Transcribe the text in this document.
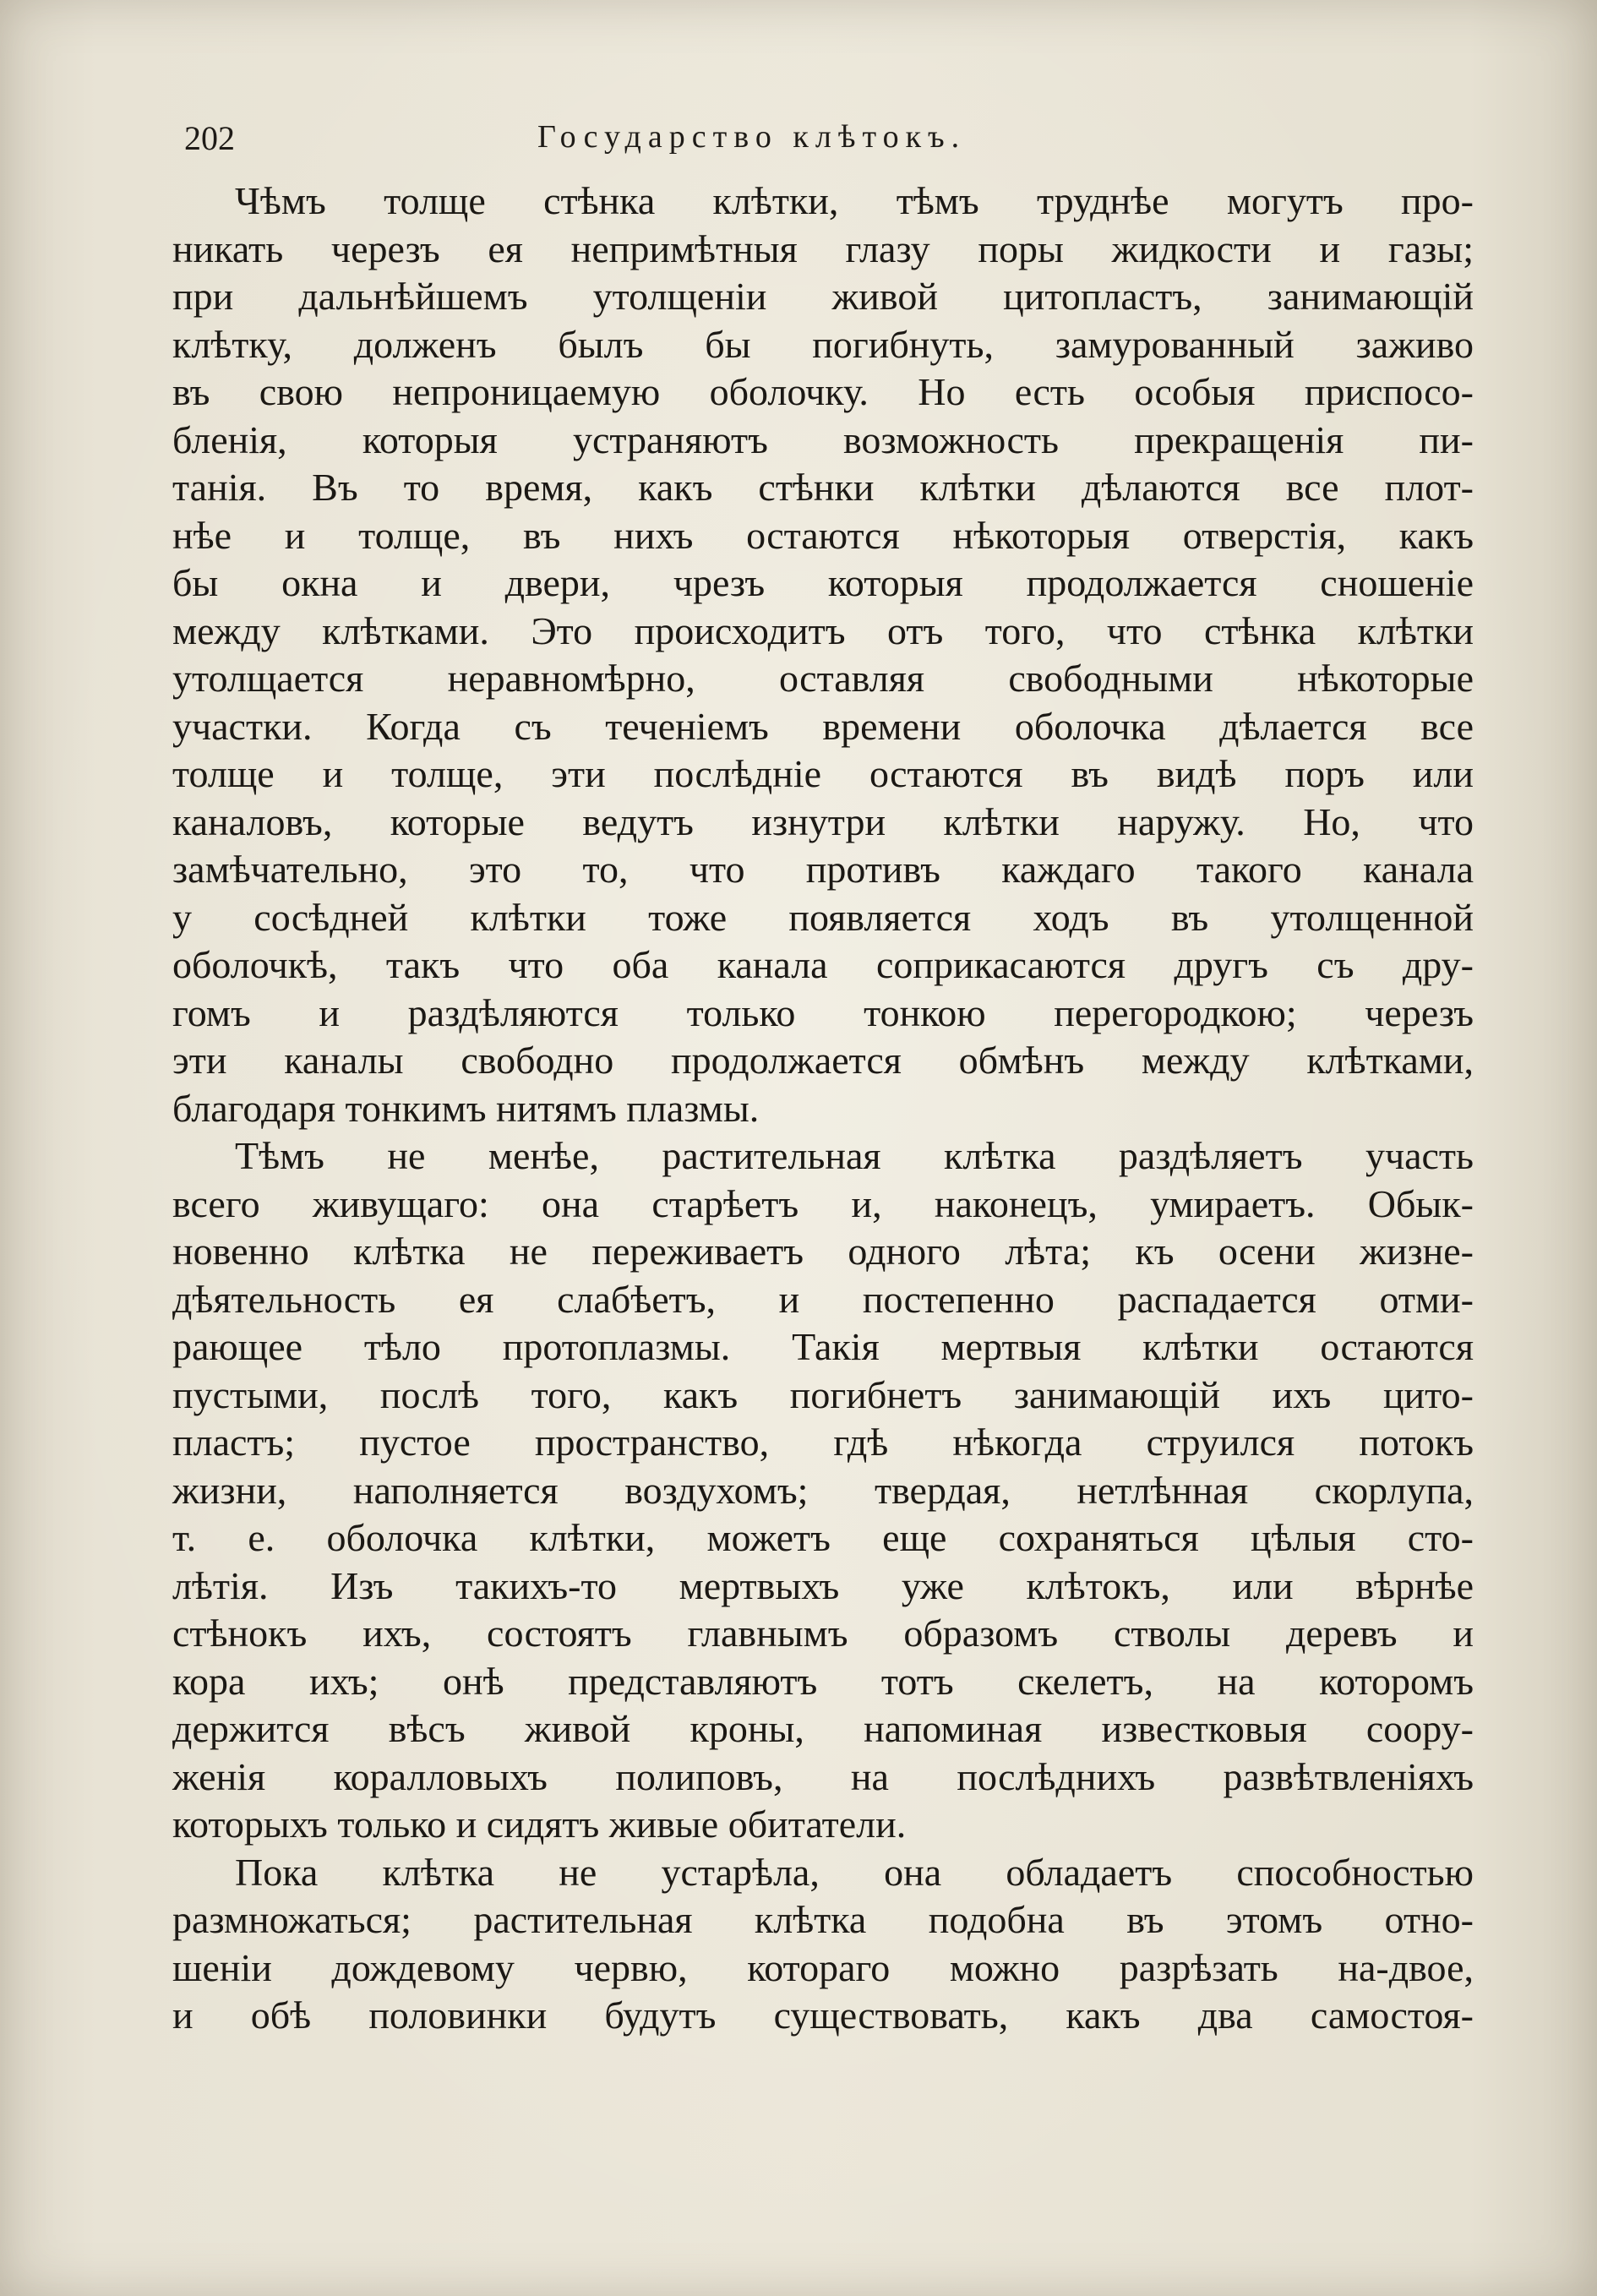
202	Государство клѣтокъ.
Чѣмъ толще стѣнка клѣтки, тѣмъ труднѣе могутъ про-
никать черезъ ея непримѣтныя глазу поры жидкости и газы;
при дальнѣйшемъ утолщеніи живой цитопластъ, занимающій
клѣтку, долженъ былъ бы погибнуть, замурованный заживо
въ свою непроницаемую оболочку. Но есть особыя приспосо-
бленія, которыя устраняютъ возможность прекращенія пи-
танія. Въ то время, какъ стѣнки клѣтки дѣлаются все плот-
нѣе и толще, въ нихъ остаются нѣкоторыя отверстія, какъ
бы окна и двери, чрезъ которыя продолжается сношеніе
между клѣтками. Это происходитъ отъ того, что стѣнка клѣтки
утолщается неравномѣрно, оставляя свободными нѣкоторые
участки. Когда съ теченіемъ времени оболочка дѣлается все
толще и толще, эти послѣдніе остаются въ видѣ поръ или
каналовъ, которые ведутъ изнутри клѣтки наружу. Но, что
замѣчательно, это то, что противъ каждаго такого канала
у сосѣдней клѣтки тоже появляется ходъ въ утолщенной
оболочкѣ, такъ что оба канала соприкасаются другъ съ дру-
гомъ и раздѣляются только тонкою перегородкою; черезъ
эти каналы свободно продолжается обмѣнъ между клѣтками,
благодаря тонкимъ нитямъ плазмы.
Тѣмъ не менѣе, растительная клѣтка раздѣляетъ участь
всего живущаго: она старѣетъ и, наконецъ, умираетъ. Обык-
новенно клѣтка не переживаетъ одного лѣта; къ осени жизне-
дѣятельность ея слабѣетъ, и постепенно распадается отми-
рающее тѣло протоплазмы. Такія мертвыя клѣтки остаются
пустыми, послѣ того, какъ погибнетъ занимающій ихъ цито-
пластъ; пустое пространство, гдѣ нѣкогда струился потокъ
жизни, наполняется воздухомъ; твердая, нетлѣнная скорлупа,
т. е. оболочка клѣтки, можетъ еще сохраняться цѣлыя сто-
лѣтія. Изъ такихъ-то мертвыхъ уже клѣтокъ, или вѣрнѣе
стѣнокъ ихъ, состоятъ главнымъ образомъ стволы деревъ и
кора ихъ; онѣ представляютъ тотъ скелетъ, на которомъ
держится вѣсъ живой кроны, напоминая известковыя соору-
женія коралловыхъ полиповъ, на послѣднихъ развѣтвленіяхъ
которыхъ только и сидятъ живые обитатели.
Пока клѣтка не устарѣла, она обладаетъ способностью
размножаться; растительная клѣтка подобна въ этомъ отно-
шеніи дождевому червю, котораго можно разрѣзать на-двое,
и обѣ половинки будутъ существовать, какъ два самостоя-
